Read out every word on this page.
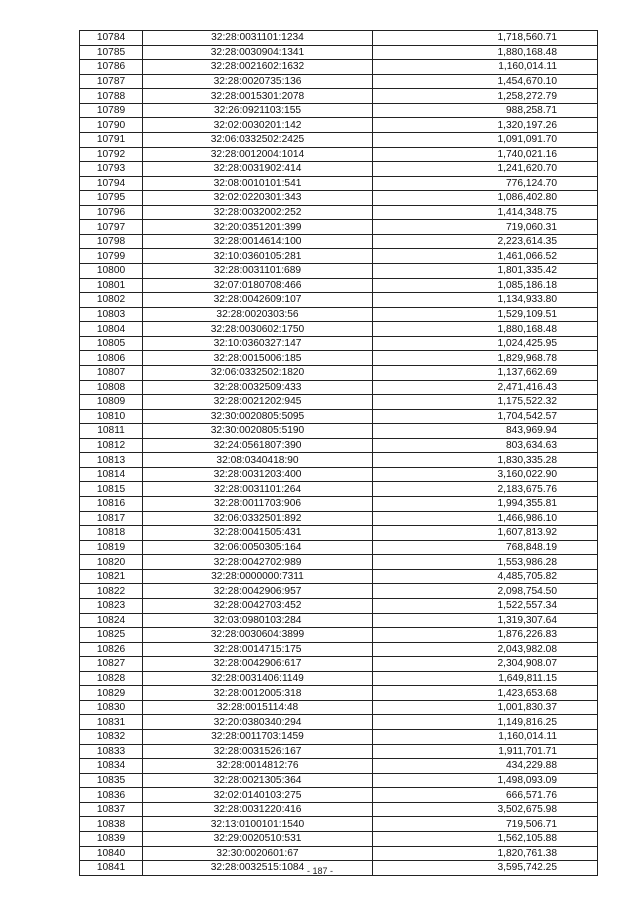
10784	32:28:0031101:1234	1,718,560.71
10785	32:28:0030904:1341	1,880,168.48
10786	32:28:0021602:1632	1,160,014.11
10787	32:28:0020735:136	1,454,670.10
10788	32:28:0015301:2078	1,258,272.79
10789	32:26:0921103:155	988,258.71
10790	32:02:0030201:142	1,320,197.26
10791	32:06:0332502:2425	1,091,091.70
10792	32:28:0012004:1014	1,740,021.16
10793	32:28:0031902:414	1,241,620.70
10794	32:08:0010101:541	776,124.70
10795	32:02:0220301:343	1,086,402.80
10796	32:28:0032002:252	1,414,348.75
10797	32:20:0351201:399	719,060.31
10798	32:28:0014614:100	2,223,614.35
10799	32:10:0360105:281	1,461,066.52
10800	32:28:0031101:689	1,801,335.42
10801	32:07:0180708:466	1,085,186.18
10802	32:28:0042609:107	1,134,933.80
10803	32:28:0020303:56	1,529,109.51
10804	32:28:0030602:1750	1,880,168.48
10805	32:10:0360327:147	1,024,425.95
10806	32:28:0015006:185	1,829,968.78
10807	32:06:0332502:1820	1,137,662.69
10808	32:28:0032509:433	2,471,416.43
10809	32:28:0021202:945	1,175,522.32
10810	32:30:0020805:5095	1,704,542.57
10811	32:30:0020805:5190	843,969.94
10812	32:24:0561807:390	803,634.63
10813	32:08:0340418:90	1,830,335.28
10814	32:28:0031203:400	3,160,022.90
10815	32:28:0031101:264	2,183,675.76
10816	32:28:0011703:906	1,994,355.81
10817	32:06:0332501:892	1,466,986.10
10818	32:28:0041505:431	1,607,813.92
10819	32:06:0050305:164	768,848.19
10820	32:28:0042702:989	1,553,986.28
10821	32:28:0000000:7311	4,485,705.82
10822	32:28:0042906:957	2,098,754.50
10823	32:28:0042703:452	1,522,557.34
10824	32:03:0980103:284	1,319,307.64
10825	32:28:0030604:3899	1,876,226.83
10826	32:28:0014715:175	2,043,982.08
10827	32:28:0042906:617	2,304,908.07
10828	32:28:0031406:1149	1,649,811.15
10829	32:28:0012005:318	1,423,653.68
10830	32:28:0015114:48	1,001,830.37
10831	32:20:0380340:294	1,149,816.25
10832	32:28:0011703:1459	1,160,014.11
10833	32:28:0031526:167	1,911,701.71
10834	32:28:0014812:76	434,229.88
10835	32:28:0021305:364	1,498,093.09
10836	32:02:0140103:275	666,571.76
10837	32:28:0031220:416	3,502,675.98
10838	32:13:0100101:1540	719,506.71
10839	32:29:0020510:531	1,562,105.88
10840	32:30:0020601:67	1,820,761.38
10841	32:28:0032515:1084	3,595,742.25
- 187 -
